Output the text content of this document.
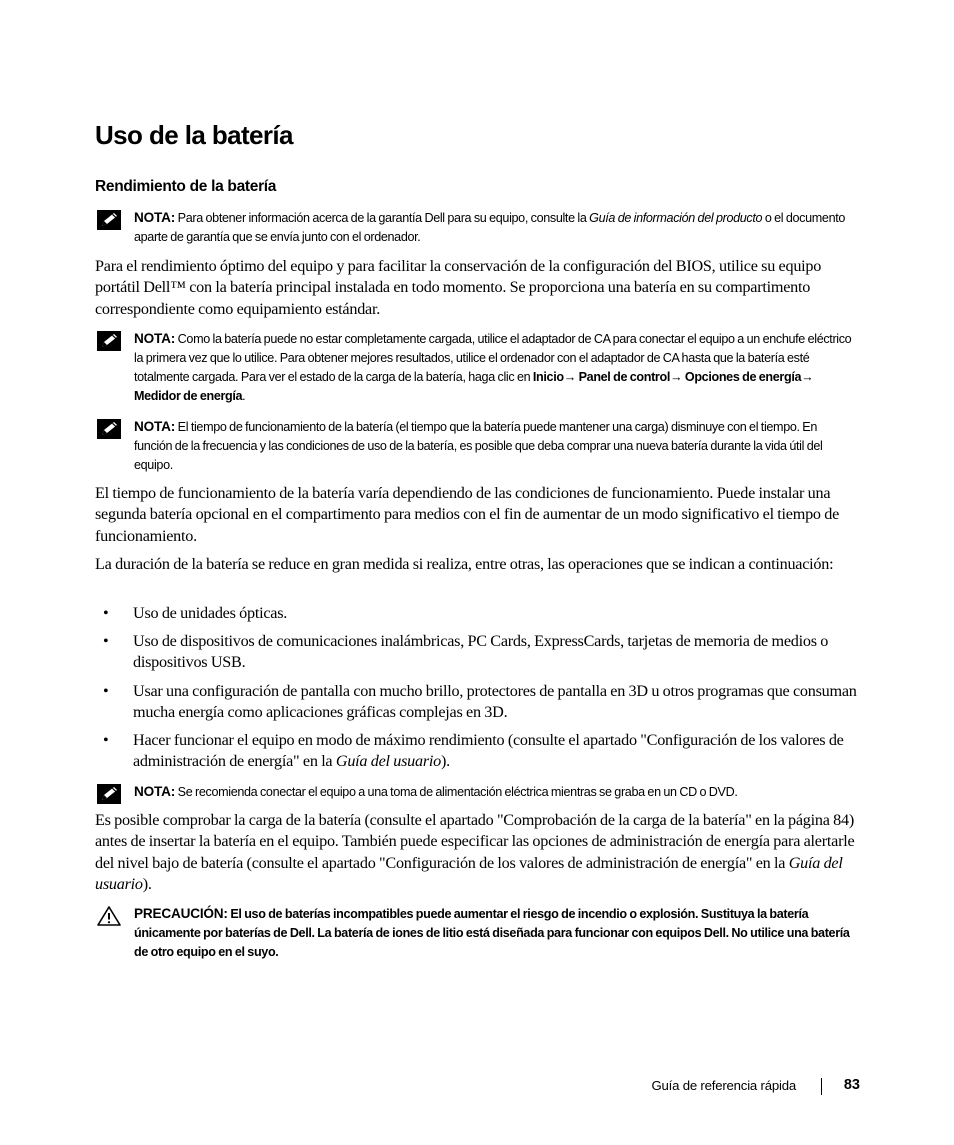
Uso de la batería
Rendimiento de la batería
NOTA: Para obtener información acerca de la garantía Dell para su equipo, consulte la Guía de información del producto o el documento aparte de garantía que se envía junto con el ordenador.

Para el rendimiento óptimo del equipo y para facilitar la conservación de la configuración del BIOS, utilice su equipo portátil Dell™ con la batería principal instalada en todo momento. Se proporciona una batería en su compartimento correspondiente como equipamiento estándar.

NOTA: Como la batería puede no estar completamente cargada, utilice el adaptador de CA para conectar el equipo a un enchufe eléctrico la primera vez que lo utilice. Para obtener mejores resultados, utilice el ordenador con el adaptador de CA hasta que la batería esté totalmente cargada. Para ver el estado de la carga de la batería, haga clic en Inicio→ Panel de control→ Opciones de energía→ Medidor de energía.
NOTA: El tiempo de funcionamiento de la batería (el tiempo que la batería puede mantener una carga) disminuye con el tiempo. En función de la frecuencia y las condiciones de uso de la batería, es posible que deba comprar una nueva batería durante la vida útil del equipo.

El tiempo de funcionamiento de la batería varía dependiendo de las condiciones de funcionamiento. Puede instalar una segunda batería opcional en el compartimento para medios con el fin de aumentar de un modo significativo el tiempo de funcionamiento.

La duración de la batería se reduce en gran medida si realiza, entre otras, las operaciones que se indican a continuación:

• Uso de unidades ópticas.
• Uso de dispositivos de comunicaciones inalámbricas, PC Cards, ExpressCards, tarjetas de memoria de medios o dispositivos USB.
• Usar una configuración de pantalla con mucho brillo, protectores de pantalla en 3D u otros programas que consuman mucha energía como aplicaciones gráficas complejas en 3D.
• Hacer funcionar el equipo en modo de máximo rendimiento (consulte el apartado "Configuración de los valores de administración de energía" en la Guía del usuario).
NOTA: Se recomienda conectar el equipo a una toma de alimentación eléctrica mientras se graba en un CD o DVD.

Es posible comprobar la carga de la batería (consulte el apartado "Comprobación de la carga de la batería" en la página 84) antes de insertar la batería en el equipo. También puede especificar las opciones de administración de energía para alertarle del nivel bajo de batería (consulte el apartado "Configuración de los valores de administración de energía" en la Guía del usuario).

PRECAUCIÓN: El uso de baterías incompatibles puede aumentar el riesgo de incendio o explosión. Sustituya la batería únicamente por baterías de Dell. La batería de iones de litio está diseñada para funcionar con equipos Dell. No utilice una batería de otro equipo en el suyo.
Guía de referencia rápida	83
